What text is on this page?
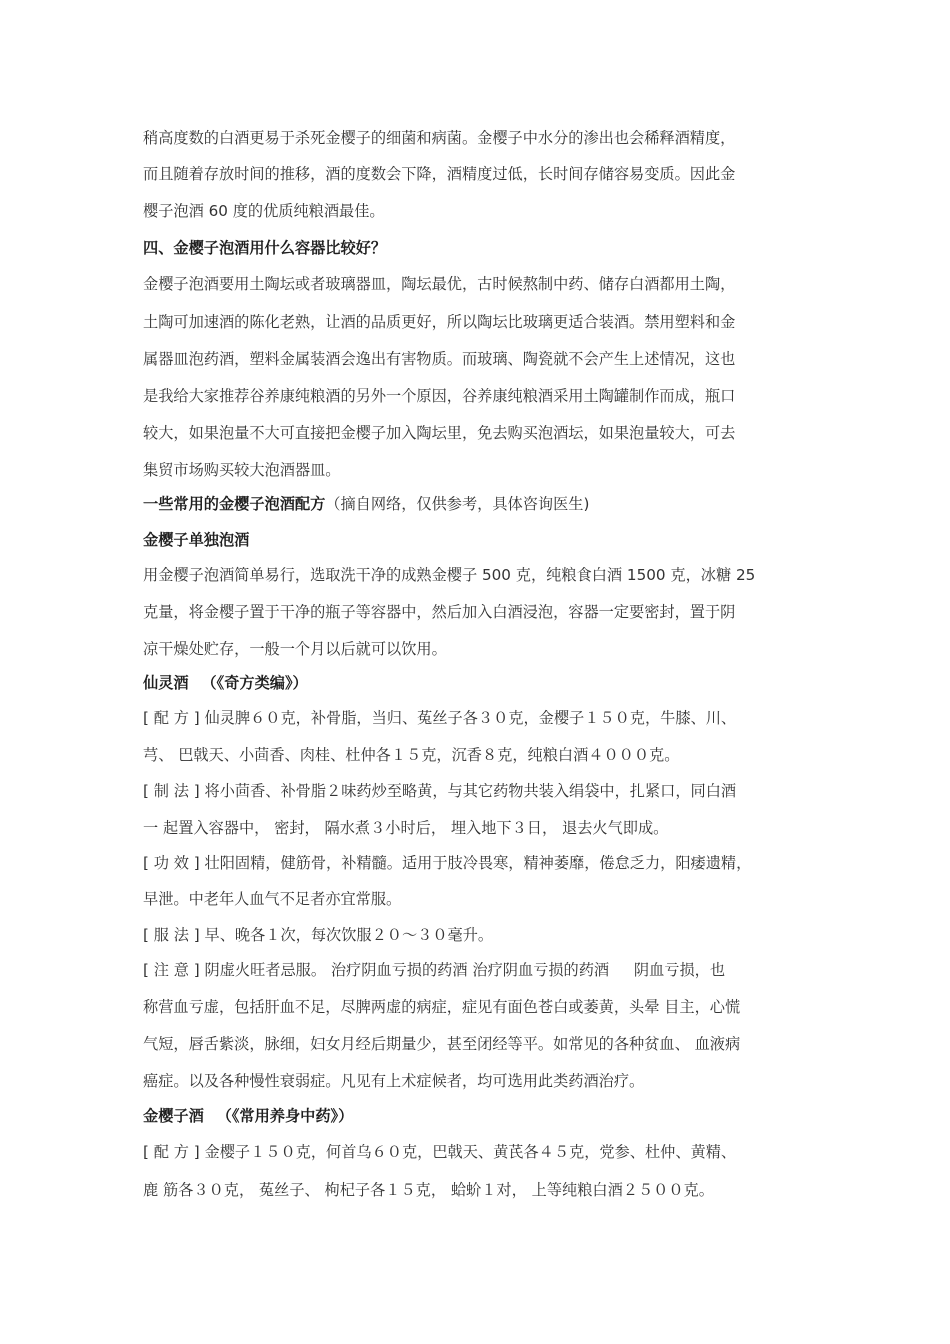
稍高度数的白酒更易于杀死金樱子的细菌和病菌。金樱子中水分的渗出也会稀释酒精度，
而且随着存放时间的推移，酒的度数会下降，酒精度过低，长时间存储容易变质。因此金
樱子泡酒 60 度的优质纯粮酒最佳。
四、金樱子泡酒用什么容器比较好？
金樱子泡酒要用土陶坛或者玻璃器皿，陶坛最优，古时候熬制中药、储存白酒都用土陶，
土陶可加速酒的陈化老熟，让酒的品质更好，所以陶坛比玻璃更适合装酒。禁用塑料和金
属器皿泡药酒，塑料金属装酒会逸出有害物质。而玻璃、陶瓷就不会产生上述情况，这也
是我给大家推荐谷养康纯粮酒的另外一个原因，谷养康纯粮酒采用土陶罐制作而成，瓶口
较大，如果泡量不大可直接把金樱子加入陶坛里，免去购买泡酒坛，如果泡量较大，可去
集贸市场购买较大泡酒器皿。
一些常用的金樱子泡酒配方（摘自网络，仅供参考，具体咨询医生)
金樱子单独泡酒
用金樱子泡酒简单易行，选取洗干净的成熟金樱子 500 克，纯粮食白酒 1500 克，冰糖 25
克量，将金樱子置于干净的瓶子等容器中，然后加入白酒浸泡，容器一定要密封，置于阴
凉干燥处贮存，一般一个月以后就可以饮用。
仙灵酒 　（《奇方类编》）
[ 配 方 ] 仙灵脾６０克，补骨脂，当归、菟丝子各３０克，金樱子１５０克，牛膝、川、
芎、 巴戟天、小茴香、肉桂、杜仲各１５克，沉香８克，纯粮白酒４０００克。
[ 制 法 ] 将小茴香、补骨脂２味药炒至略黄，与其它药物共装入绢袋中，扎紧口，同白酒
一 起置入容器中， 密封， 隔水煮３小时后， 埋入地下３日， 退去火气即成。
[ 功 效 ] 壮阳固精，健筋骨，补精髓。适用于肢冷畏寒，精神萎靡，倦怠乏力，阳痿遗精，
早泄。中老年人血气不足者亦宜常服。
[ 服 法 ] 早、晚各１次，每次饮服２０～３０毫升。
[ 注 意 ] 阴虚火旺者忌服。 治疗阴血亏损的药酒 治疗阴血亏损的药酒 　 阴血亏损，也
称营血亏虚，包括肝血不足，尽脾两虚的病症，症见有面色苍白或萎黄，头晕 目主，心慌
气短，唇舌紫淡，脉细，妇女月经后期量少，甚至闭经等平。如常见的各种贫血、 血液病
癌症。以及各种慢性衰弱症。凡见有上术症候者，均可选用此类药酒治疗。
金樱子酒 　（《常用养身中药》）
[ 配 方 ] 金樱子１５０克，何首乌６０克，巴戟天、黄芪各４５克，党参、杜仲、黄精、
鹿 筋各３０克， 菟丝子、 枸杞子各１５克， 蛤蚧１对， 上等纯粮白酒２５００克。
